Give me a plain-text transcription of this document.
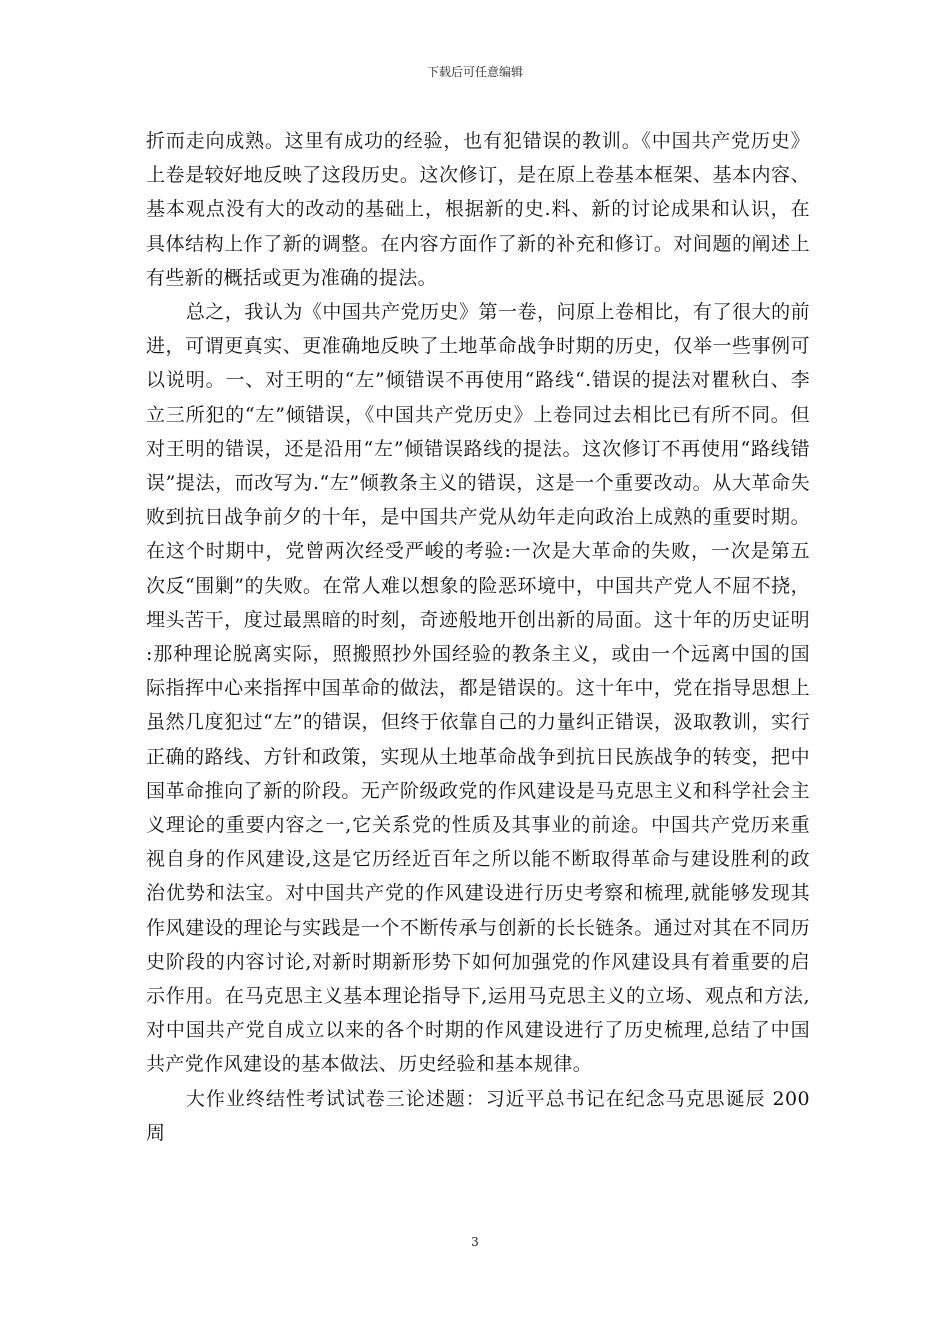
下载后可任意编辑

折而走向成熟。这里有成功的经验，也有犯错误的教训。《中国共产党历史》上卷是较好地反映了这段历史。这次修订，是在原上卷基本框架、基本内容、基本观点没有大的改动的基础上，根据新的史.料、新的讨论成果和认识，在具体结构上作了新的调整。在内容方面作了新的补充和修订。对间题的阐述上有些新的概括或更为准确的提法。

总之，我认为《中国共产党历史》第一卷，问原上卷相比，有了很大的前进，可谓更真实、更准确地反映了土地革命战争时期的历史，仅举一些事例可以说明。一、对王明的“左”倾错误不再使用“路线“.错误的提法对瞿秋白、李立三所犯的“左”倾错误，《中国共产党历史》上卷同过去相比已有所不同。但对王明的错误，还是沿用“左”倾错误路线的提法。这次修订不再使用“路线错误”提法，而改写为.“左”倾教条主义的错误，这是一个重要改动。从大革命失败到抗日战争前夕的十年，是中国共产党从幼年走向政治上成熟的重要时期。在这个时期中，党曾两次经受严峻的考验:一次是大革命的失败，一次是第五次反“围剿”的失败。在常人难以想象的险恶环境中，中国共产党人不屈不挠，埋头苦干，度过最黑暗的时刻，奇迹般地开创出新的局面。这十年的历史证明:那种理论脱离实际，照搬照抄外国经验的教条主义，或由一个远离中国的国际指挥中心来指挥中国革命的做法，都是错误的。这十年中，党在指导思想上虽然几度犯过“左”的错误，但终于依靠自己的力量纠正错误，汲取教训，实行正确的路线、方针和政策，实现从土地革命战争到抗日民族战争的转变，把中国革命推向了新的阶段。无产阶级政党的作风建设是马克思主义和科学社会主义理论的重要内容之一,它关系党的性质及其事业的前途。中国共产党历来重视自身的作风建设,这是它历经近百年之所以能不断取得革命与建设胜利的政治优势和法宝。对中国共产党的作风建设进行历史考察和梳理,就能够发现其作风建设的理论与实践是一个不断传承与创新的长长链条。通过对其在不同历史阶段的内容讨论,对新时期新形势下如何加强党的作风建设具有着重要的启示作用。在马克思主义基本理论指导下,运用马克思主义的立场、观点和方法,对中国共产党自成立以来的各个时期的作风建设进行了历史梳理,总结了中国共产党作风建设的基本做法、历史经验和基本规律。

大作业终结性考试试卷三论述题：习近平总书记在纪念马克思诞辰 200 周

3
